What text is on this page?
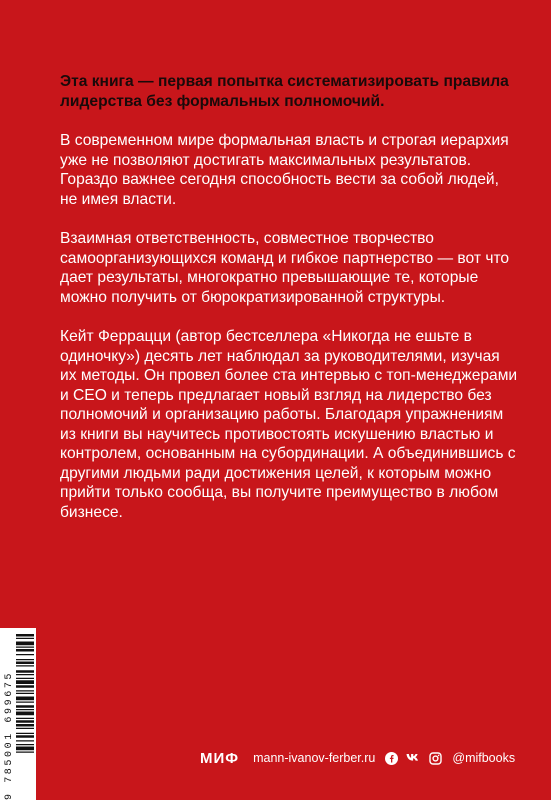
Эта книга — первая попытка систематизировать правила лидерства без формальных полномочий.

В современном мире формальная власть и строгая иерархия уже не позволяют достигать максимальных результатов. Гораздо важнее сегодня способность вести за собой людей, не имея власти.

Взаимная ответственность, совместное творчество самоорганизующихся команд и гибкое партнерство — вот что дает результаты, многократно превышающие те, которые можно получить от бюрократизированной структуры.

Кейт Феррацци (автор бестселлера «Никогда не ешьте в одиночку») десять лет наблюдал за руководителями, изучая их методы. Он провел более ста интервью с топ-менеджерами и CEO и теперь предлагает новый взгляд на лидерство без полномочий и организацию работы. Благодаря упражнениям из книги вы научитесь противостоять искушению властью и контролем, основанным на субординации. А объединившись с другими людьми ради достижения целей, к которым можно прийти только сообща, вы получите преимущество в любом бизнесе.

9 785001 699675	МИФ mann-ivanov-ferber.ru	@mifbooks
